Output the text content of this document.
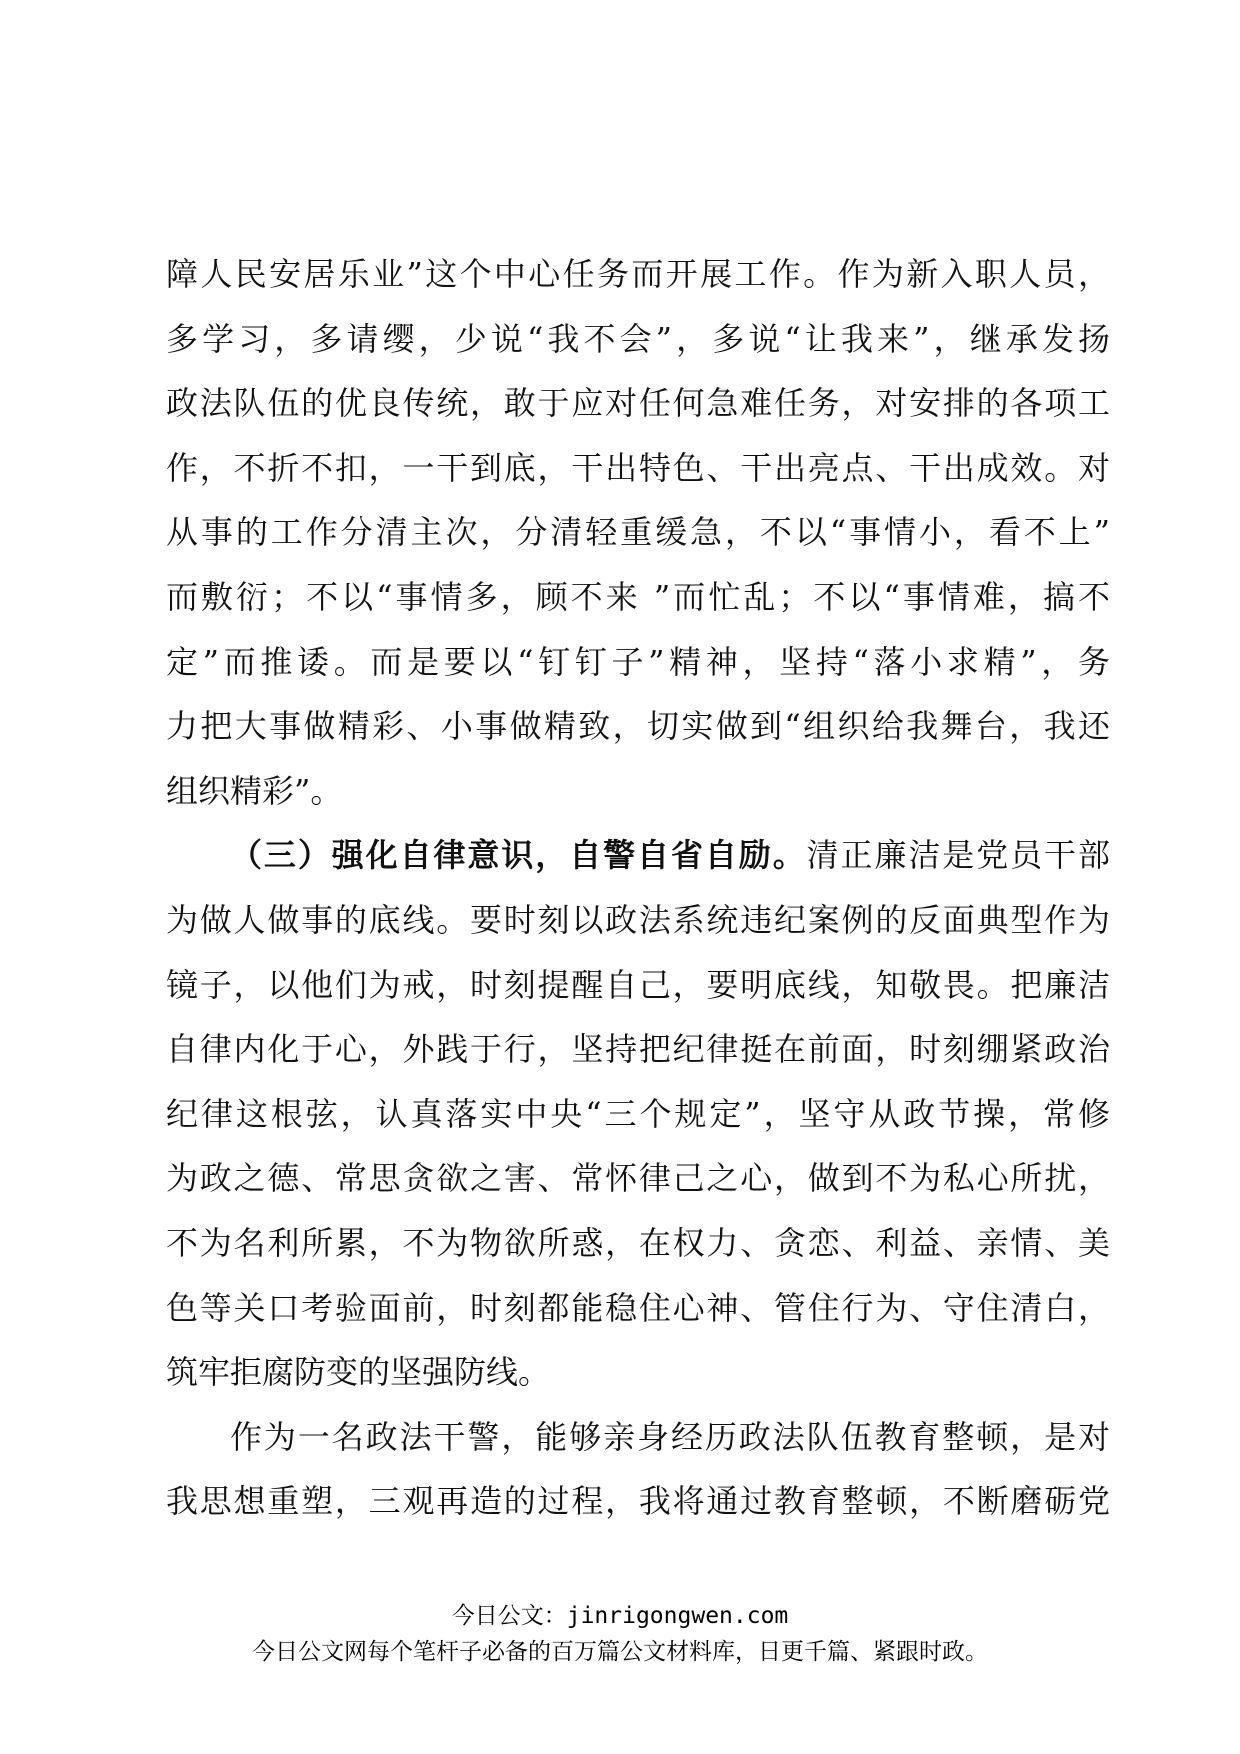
障人民安居乐业”这个中心任务而开展工作。作为新入职人员，
多学习，多请缨，少说“我不会”，多说“让我来”，继承发扬
政法队伍的优良传统，敢于应对任何急难任务，对安排的各项工
作，不折不扣，一干到底，干出特色、干出亮点、干出成效。对
从事的工作分清主次，分清轻重缓急，不以“事情小，看不上”
而敷衍；不以“事情多，顾不来 ”而忙乱；不以“事情难，搞不
定”而推诿。而是要以“钉钉子”精神，坚持“落小求精”，务
力把大事做精彩、小事做精致，切实做到“组织给我舞台，我还
组织精彩”。
（三）强化自律意识，自警自省自励。清正廉洁是党员干部
为做人做事的底线。要时刻以政法系统违纪案例的反面典型作为
镜子，以他们为戒，时刻提醒自己，要明底线，知敬畏。把廉洁
自律内化于心，外践于行，坚持把纪律挺在前面，时刻绷紧政治
纪律这根弦，认真落实中央“三个规定”，坚守从政节操，常修
为政之德、常思贪欲之害、常怀律己之心，做到不为私心所扰，
不为名利所累，不为物欲所惑，在权力、贪恋、利益、亲情、美
色等关口考验面前，时刻都能稳住心神、管住行为、守住清白，
筑牢拒腐防变的坚强防线。
作为一名政法干警，能够亲身经历政法队伍教育整顿，是对
我思想重塑，三观再造的过程，我将通过教育整顿，不断磨砺党
今日公文：jinrigongwen.com
今日公文网每个笔杆子必备的百万篇公文材料库，日更千篇、紧跟时政。
